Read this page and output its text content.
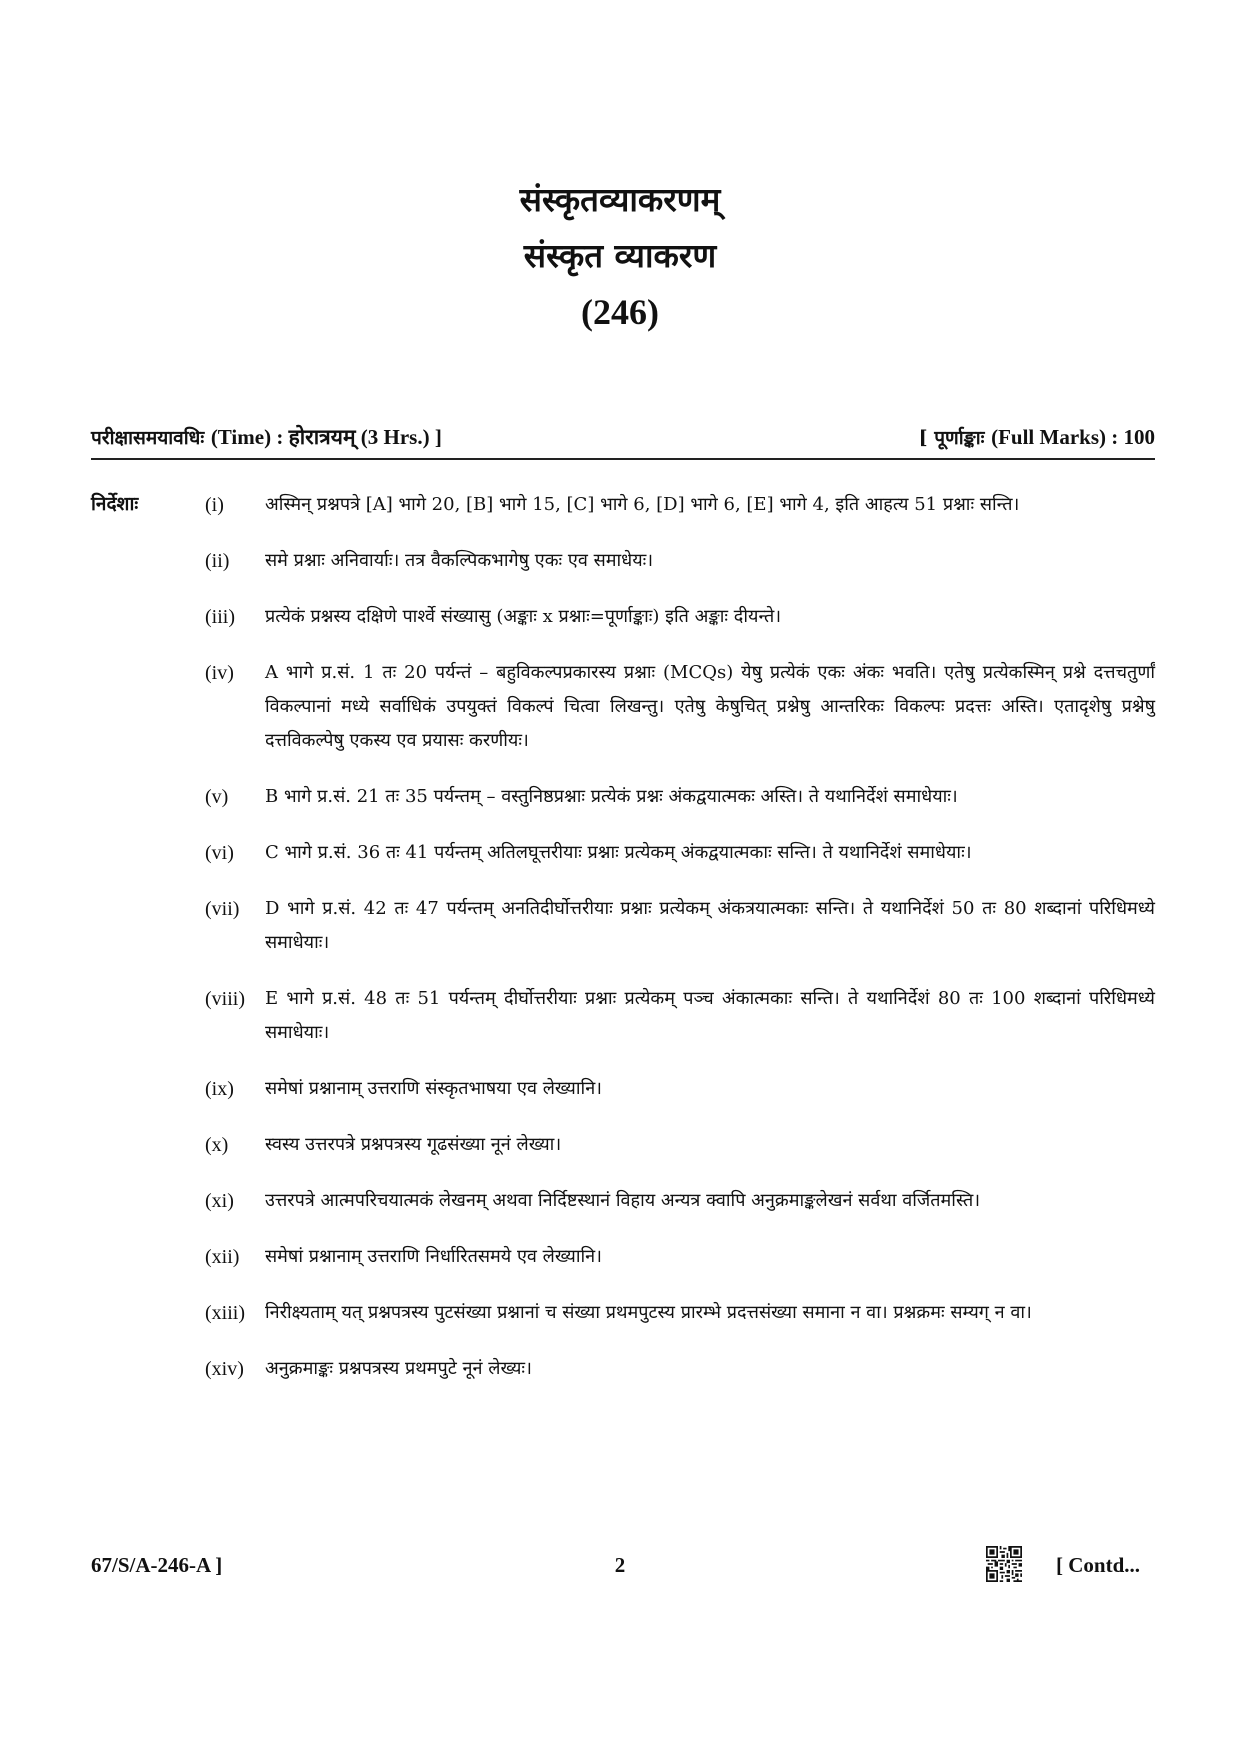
संस्कृतव्याकरणम्
संस्कृत व्याकरण
(246)
परीक्षासमयावधिः (Time) : होरात्रयम् (3 Hrs.) ]	[ पूर्णाङ्काः (Full Marks) : 100
निर्देशाः	(i)	अस्मिन् प्रश्नपत्रे [A] भागे 20, [B] भागे 15, [C] भागे 6, [D] भागे 6, [E] भागे 4, इति आहत्य 51 प्रश्नाः सन्ति।
(ii)	समे प्रश्नाः अनिवार्याः। तत्र वैकल्पिकभागेषु एकः एव समाधेयः।
(iii)	प्रत्येकं प्रश्नस्य दक्षिणे पार्श्वे संख्यासु (अङ्काः x प्रश्नाः=पूर्णाङ्काः) इति अङ्काः दीयन्ते।
(iv)	A भागे प्र.सं. 1 तः 20 पर्यन्तं – बहुविकल्पप्रकारस्य प्रश्नाः (MCQs) येषु प्रत्येकं एकः अंकः भवति। एतेषु प्रत्येकस्मिन् प्रश्ने दत्तचतुर्णां विकल्पानां मध्ये सर्वाधिकं उपयुक्तं विकल्पं चित्वा लिखन्तु। एतेषु केषुचित् प्रश्नेषु आन्तरिकः विकल्पः प्रदत्तः अस्ति। एतादृशेषु प्रश्नेषु दत्तविकल्पेषु एकस्य एव प्रयासः करणीयः।
(v)	B भागे प्र.सं. 21 तः 35 पर्यन्तम् – वस्तुनिष्ठप्रश्नाः प्रत्येकं प्रश्नः अंकद्वयात्मकः अस्ति। ते यथानिर्देशं समाधेयाः।
(vi)	C भागे प्र.सं. 36 तः 41 पर्यन्तम् अतिलघूत्तरीयाः प्रश्नाः प्रत्येकम् अंकद्वयात्मकाः सन्ति। ते यथानिर्देशं समाधेयाः।
(vii)	D भागे प्र.सं. 42 तः 47 पर्यन्तम् अनतिदीर्घोत्तरीयाः प्रश्नाः प्रत्येकम् अंकत्रयात्मकाः सन्ति। ते यथानिर्देशं 50 तः 80 शब्दानां परिधिमध्ये समाधेयाः।
(viii)	E भागे प्र.सं. 48 तः 51 पर्यन्तम् दीर्घोत्तरीयाः प्रश्नाः प्रत्येकम् पञ्च अंकात्मकाः सन्ति। ते यथानिर्देशं 80 तः 100 शब्दानां परिधिमध्ये समाधेयाः।
(ix)	समेषां प्रश्नानाम् उत्तराणि संस्कृतभाषया एव लेख्यानि।
(x)	स्वस्य उत्तरपत्रे प्रश्नपत्रस्य गूढसंख्या नूनं लेख्या।
(xi)	उत्तरपत्रे आत्मपरिचयात्मकं लेखनम् अथवा निर्दिष्टस्थानं विहाय अन्यत्र क्वापि अनुक्रमाङ्कलेखनं सर्वथा वर्जितमस्ति।
(xii)	समेषां प्रश्नानाम् उत्तराणि निर्धारितसमये एव लेख्यानि।
(xiii)	निरीक्ष्यताम् यत् प्रश्नपत्रस्य पुटसंख्या प्रश्नानां च संख्या प्रथमपुटस्य प्रारम्भे प्रदत्तसंख्या समाना न वा। प्रश्नक्रमः सम्यग् न वा।
(xiv)	अनुक्रमाङ्कः प्रश्नपत्रस्य प्रथमपुटे नूनं लेख्यः।
67/S/A-246-A ]	2	[ Contd...
